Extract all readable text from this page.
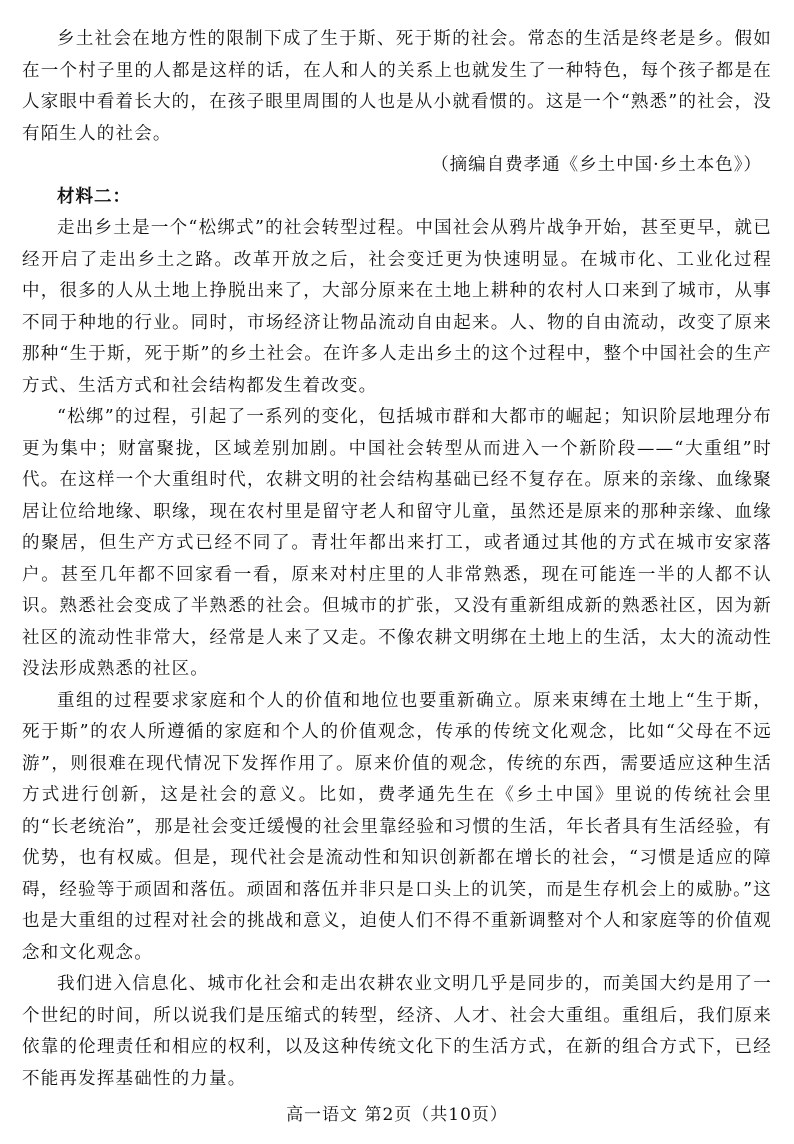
乡土社会在地方性的限制下成了生于斯、死于斯的社会。常态的生活是终老是乡。假如在一个村子里的人都是这样的话，在人和人的关系上也就发生了一种特色，每个孩子都是在人家眼中看着长大的，在孩子眼里周围的人也是从小就看惯的。这是一个“熟悉”的社会，没有陌生人的社会。

（摘编自费孝通《乡土中国·乡土本色》）

材料二：

走出乡土是一个“松绑式”的社会转型过程。中国社会从鸦片战争开始，甚至更早，就已经开启了走出乡土之路。改革开放之后，社会变迁更为快速明显。在城市化、工业化过程中，很多的人从土地上挣脱出来了，大部分原来在土地上耕种的农村人口来到了城市，从事不同于种地的行业。同时，市场经济让物品流动自由起来。人、物的自由流动，改变了原来那种“生于斯，死于斯”的乡土社会。在许多人走出乡土的这个过程中，整个中国社会的生产方式、生活方式和社会结构都发生着改变。

“松绑”的过程，引起了一系列的变化，包括城市群和大都市的崛起；知识阶层地理分布更为集中；财富聚拢，区域差别加剧。中国社会转型从而进入一个新阶段——“大重组”时代。在这样一个大重组时代，农耕文明的社会结构基础已经不复存在。原来的亲缘、血缘聚居让位给地缘、职缘，现在农村里是留守老人和留守儿童，虽然还是原来的那种亲缘、血缘的聚居，但生产方式已经不同了。青壮年都出来打工，或者通过其他的方式在城市安家落户。甚至几年都不回家看一看，原来对村庄里的人非常熟悉，现在可能连一半的人都不认识。熟悉社会变成了半熟悉的社会。但城市的扩张，又没有重新组成新的熟悉社区，因为新社区的流动性非常大，经常是人来了又走。不像农耕文明绑在土地上的生活，太大的流动性没法形成熟悉的社区。

重组的过程要求家庭和个人的价值和地位也要重新确立。原来束缚在土地上“生于斯，死于斯”的农人所遵循的家庭和个人的价值观念，传承的传统文化观念，比如“父母在不远游”，则很难在现代情况下发挥作用了。原来价值的观念，传统的东西，需要适应这种生活方式进行创新，这是社会的意义。比如，费孝通先生在《乡土中国》里说的传统社会里的“长老统治”，那是社会变迁缓慢的社会里靠经验和习惯的生活，年长者具有生活经验，有优势，也有权威。但是，现代社会是流动性和知识创新都在增长的社会，“习惯是适应的障碍，经验等于顽固和落伍。顽固和落伍并非只是口头上的讥笑，而是生存机会上的威胁。”这也是大重组的过程对社会的挑战和意义，迫使人们不得不重新调整对个人和家庭等的价值观念和文化观念。

我们进入信息化、城市化社会和走出农耕农业文明几乎是同步的，而美国大约是用了一个世纪的时间，所以说我们是压缩式的转型，经济、人才、社会大重组。重组后，我们原来依靠的伦理责任和相应的权利，以及这种传统文化下的生活方式，在新的组合方式下，已经不能再发挥基础性的力量。

高一语文 第2页（共10页）
